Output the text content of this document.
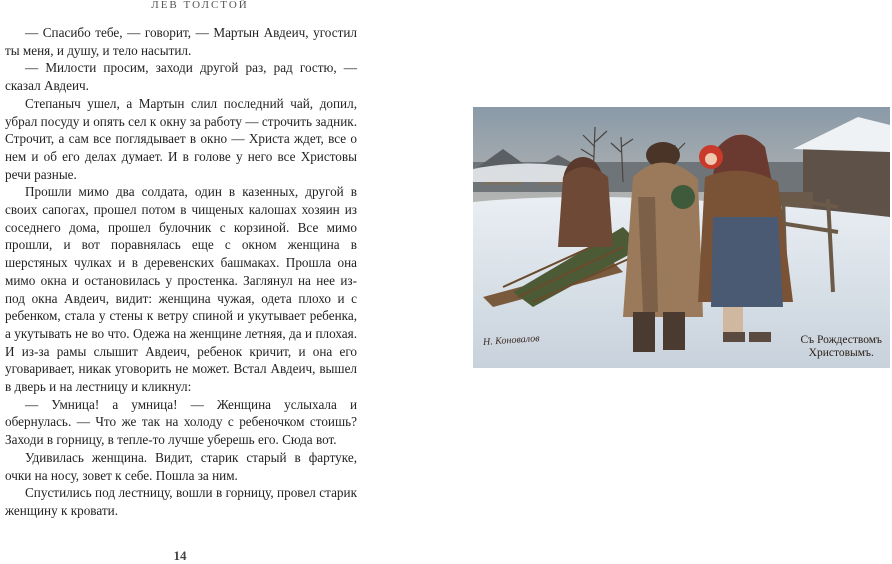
ЛЕВ ТОЛСТОЙ

— Спасибо тебе, — говорит, — Мартын Авдеич, угостил ты меня, и душу, и тело насытил.

— Милости просим, заходи другой раз, рад гостю, — сказал Авдеич.

Степаныч ушел, а Мартын слил последний чай, допил, убрал посуду и опять сел к окну за работу — строчить задник. Строчит, а сам все поглядывает в окно — Христа ждет, все о нем и об его делах думает. И в голове у него все Христовы речи разные.

Прошли мимо два солдата, один в казенных, другой в своих сапогах, прошел потом в чищеных калошах хозяин из соседнего дома, прошел булочник с корзиной. Все мимо прошли, и вот поравнялась еще с окном женщина в шерстяных чулках и в деревенских башмаках. Прошла она мимо окна и остановилась у простенка. Заглянул на нее из-под окна Авдеич, видит: женщина чужая, одета плохо и с ребенком, стала у стены к ветру спиной и укутывает ребенка, а укутывать не во что. Одежа на женщине летняя, да и плохая. И из-за рамы слышит Авдеич, ребенок кричит, и она его уговаривает, никак уговорить не может. Встал Авдеич, вышел в дверь и на лестницу и кликнул:

— Умница! а умница! — Женщина услыхала и обернулась. — Что же так на холоду с ребеночком стоишь? Заходи в горницу, в тепле-то лучше уберешь его. Сюда вот.

Удивилась женщина. Видит, старик старый в фартуке, очки на носу, зовет к себе. Пошла за ним.

Спустились под лестницу, вошли в горницу, провел старик женщину к кровати.

14
Н. Коновалов	Съ Рождествомъ
Христовымъ.
